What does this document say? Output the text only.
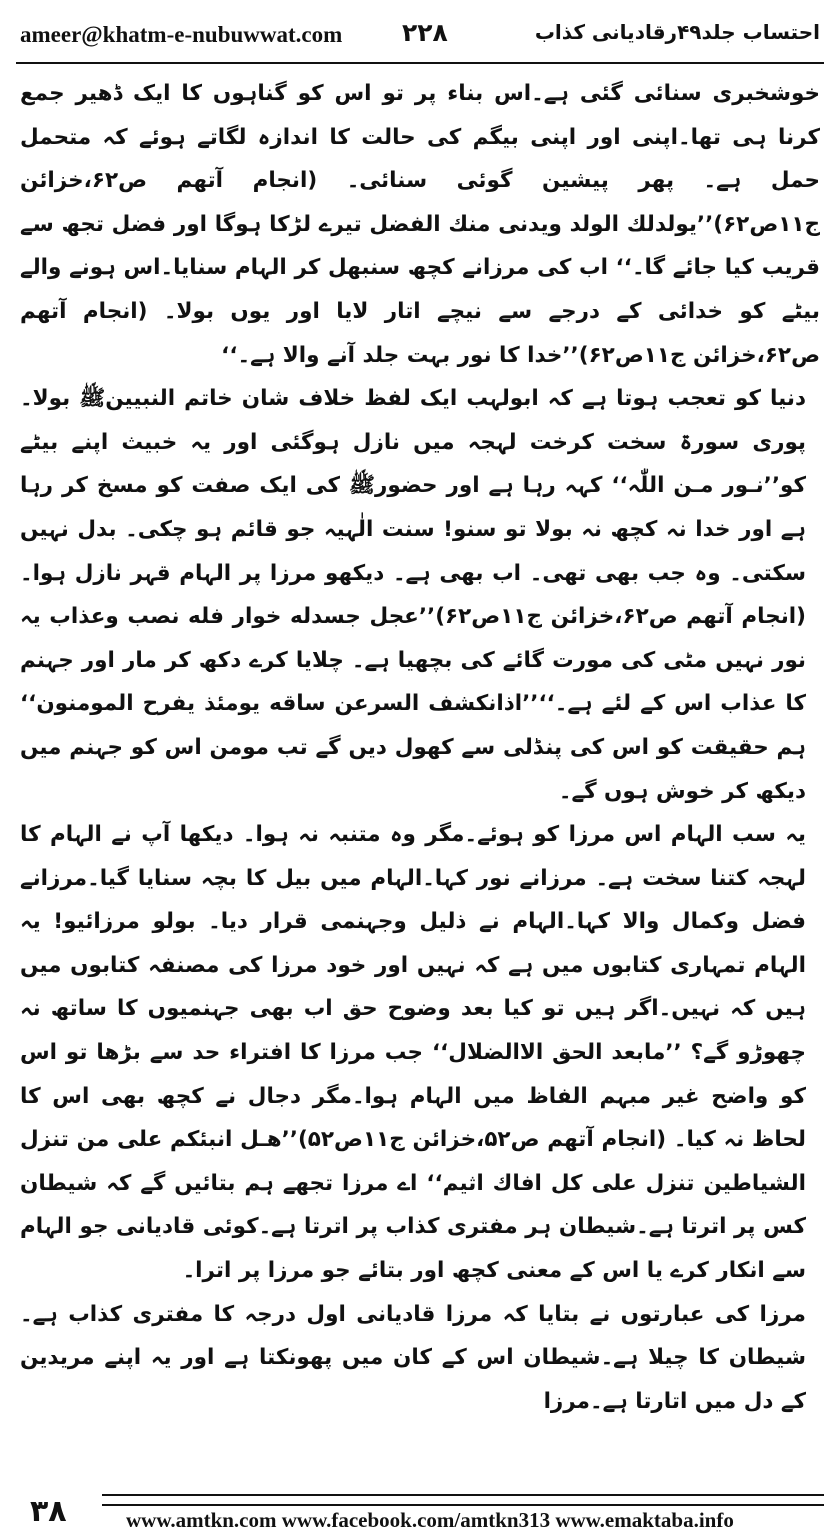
ameer@khatm-e-nubuwwat.com ۲۲۸	احتساب جلد۴۹رقادیانی کذاب

خوشخبری سنائی گئی ہے۔اس بناء پر تو اس کو گناہوں کا ایک ڈھیر جمع کرنا ہی تھا۔اپنی اور اپنی بیگم کی حالت کا اندازہ لگاتے ہوئے کہ متحمل حمل ہے۔ پھر پیشین گوئی سنائی۔ (انجام آتھم ص۶۲،خزائن ج۱۱ص۶۲)’’یولدلك الولد ویدنی منك الفضل تیرے لڑکا ہوگا اور فضل تجھ سے قریب کیا جائے گا۔‘‘ اب کی مرزانے کچھ سنبھل کر الہام سنایا۔اس ہونے والے بیٹے کو خدائی کے درجے سے نیچے اتار لایا اور یوں بولا۔ (انجام آتھم ص۶۲،خزائن ج۱۱ص۶۲)’’خدا کا نور بہت جلد آنے والا ہے۔‘‘

دنیا کو تعجب ہوتا ہے کہ ابولہب ایک لفظ خلاف شان خاتم النبیینﷺ بولا۔ پوری سورۃ سخت کرخت لہجہ میں نازل ہوگئی اور یہ خبیث اپنے بیٹے کو’’نـور مـن اللّٰہ‘‘ کہہ رہا ہے اور حضورﷺ کی ایک صفت کو مسخ کر رہا ہے اور خدا نہ کچھ نہ بولا تو سنو! سنت الٰہیہ جو قائم ہو چکی۔ بدل نہیں سکتی۔ وہ جب بھی تھی۔ اب بھی ہے۔ دیکھو مرزا پر الہام قہر نازل ہوا۔ (انجام آتھم ص۶۲،خزائن ج۱۱ص۶۲)’’عجل جسدله خوار فله نصب وعذاب یہ نور نہیں مٹی کی مورت گائے کی بچھیا ہے۔ چلایا کرے دکھ کر مار اور جہنم کا عذاب اس کے لئے ہے۔‘‘’’اذانکشف السرعن ساقه یومئذ یفرح المومنون‘‘ ہم حقیقت کو اس کی پنڈلی سے کھول دیں گے تب مومن اس کو جہنم میں دیکھ کر خوش ہوں گے۔

یہ سب الہام اس مرزا کو ہوئے۔مگر وہ متنبہ نہ ہوا۔ دیکھا آپ نے الہام کا لہجہ کتنا سخت ہے۔ مرزانے نور کہا۔الہام میں بیل کا بچہ سنایا گیا۔مرزانے فضل وکمال والا کہا۔الہام نے ذلیل وجہنمی قرار دیا۔ بولو مرزائیو! یہ الہام تمہاری کتابوں میں ہے کہ نہیں اور خود مرزا کی مصنفہ کتابوں میں ہیں کہ نہیں۔اگر ہیں تو کیا بعد وضوح حق اب بھی جہنمیوں کا ساتھ نہ چھوڑو گے؟ ’’مابعد الحق الاالضلال‘‘ جب مرزا کا افتراء حد سے بڑھا تو اس کو واضح غیر مبہم الفاظ میں الہام ہوا۔مگر دجال نے کچھ بھی اس کا لحاظ نہ کیا۔ (انجام آتھم ص۵۲،خزائن ج۱۱ص۵۲)’’ھـل انبئکم علی من تنزل الشیاطین تنزل علی کل افاك اثیم‘‘ اے مرزا تجھے ہم بتائیں گے کہ شیطان کس پر اترتا ہے۔شیطان ہر مفتری کذاب پر اترتا ہے۔کوئی قادیانی جو الہام سے انکار کرے یا اس کے معنی کچھ اور بتائے جو مرزا پر اترا۔

مرزا کی عبارتوں نے بتایا کہ مرزا قادیانی اول درجہ کا مفتری کذاب ہے۔شیطان کا چیلا ہے۔شیطان اس کے کان میں پھونکتا ہے اور یہ اپنے مریدین کے دل میں اتارتا ہے۔مرزا

۳۸	www.amtkn.com www.facebook.com/amtkn313 www.emaktaba.info
